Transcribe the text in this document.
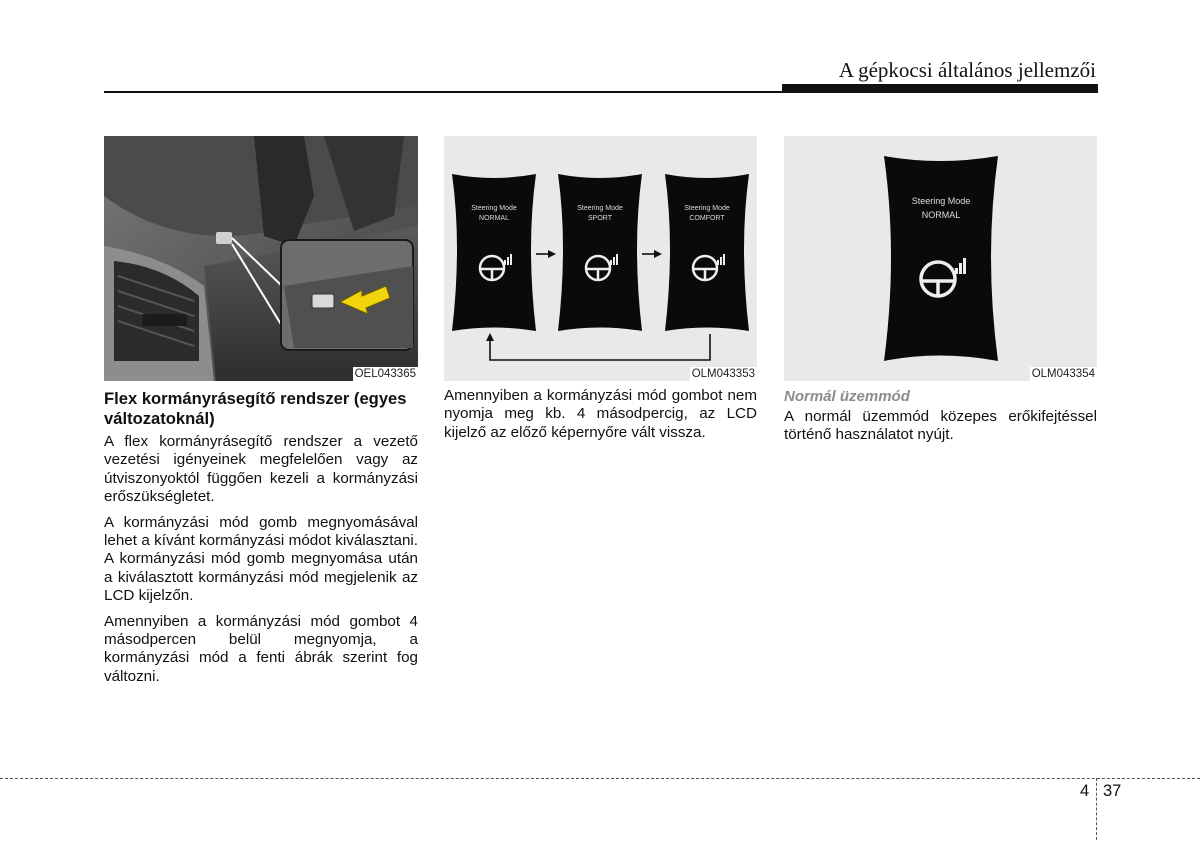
A gépkocsi általános jellemzői
OEL043365
Steering Mode
NORMAL
Steering Mode
SPORT
Steering Mode
COMFORT
OLM043353
Steering Mode
NORMAL
OLM043354
Flex kormányrásegítő rendszer (egyes változatoknál)

A flex kormányrásegítő rendszer a vezető vezetési igényeinek megfelelően vagy az útviszonyoktól függően kezeli a kormányzási erőszükségletet.

A kormányzási mód gomb megnyomásával lehet a kívánt kormányzási módot kiválasztani. A kormányzási mód gomb megnyomása után a kiválasztott kormányzási mód megjelenik az LCD kijelzőn.

Amennyiben a kormányzási mód gombot 4 másodpercen belül megnyomja, a kormányzási mód a fenti ábrák szerint fog változni.

Amennyiben a kormányzási mód gombot nem nyomja meg kb. 4 másodpercig, az LCD kijelző az előző képernyőre vált vissza.

Normál üzemmód

A normál üzemmód közepes erőkifejtéssel történő használatot nyújt.

4 37
